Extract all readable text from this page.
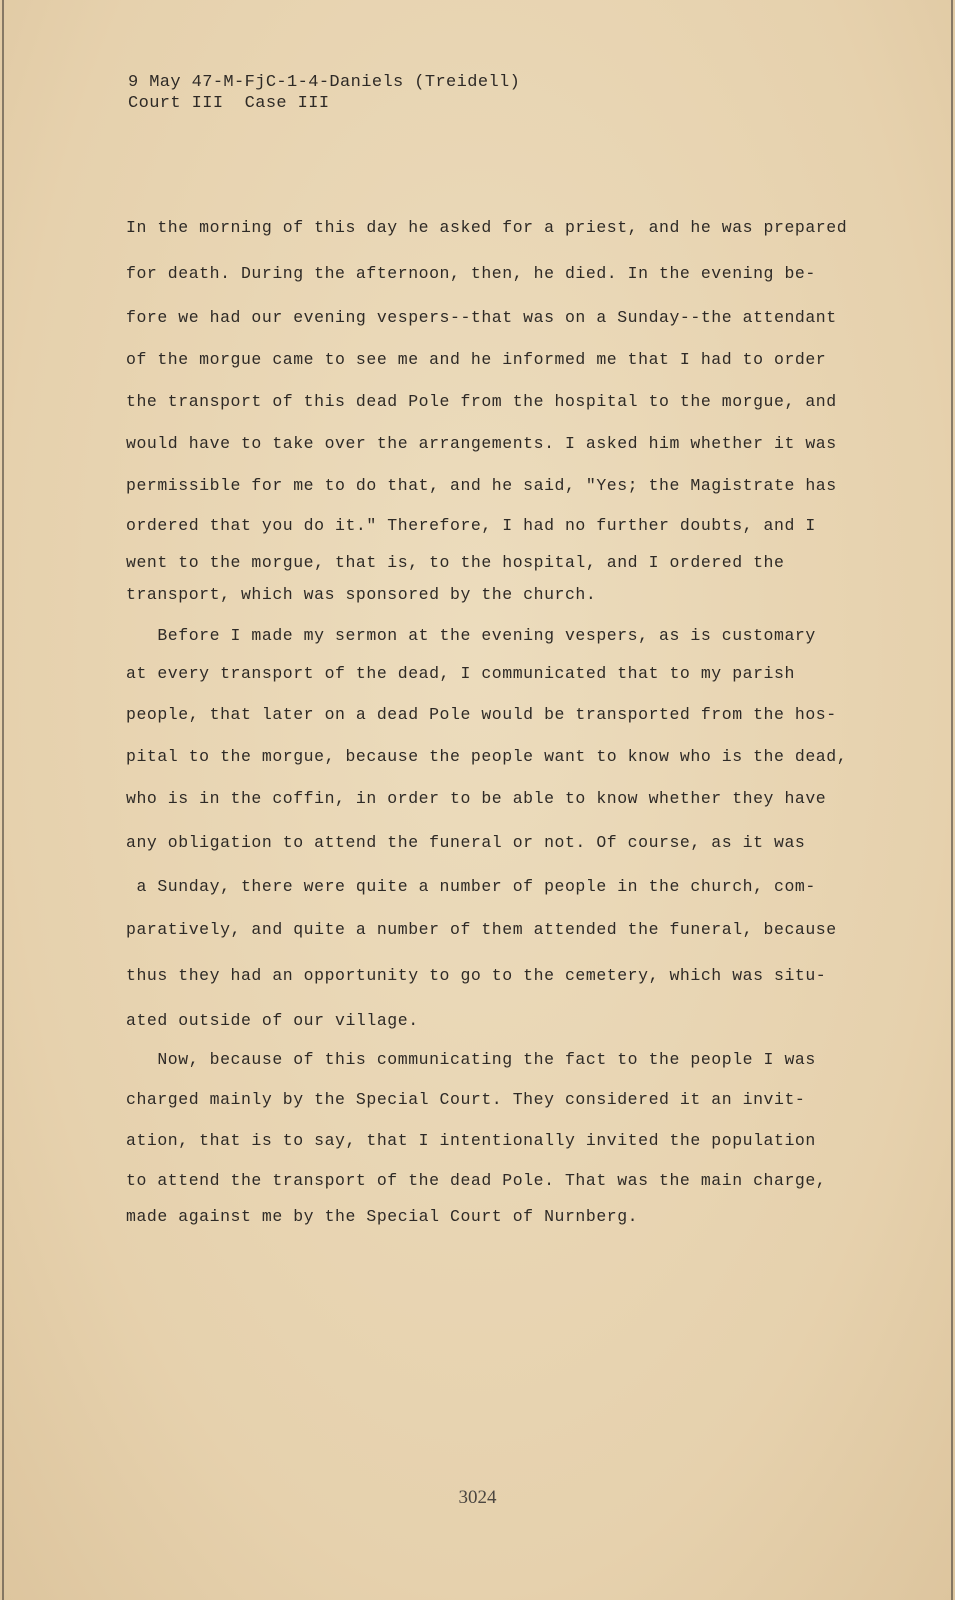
9 May 47-M-FjC-1-4-Daniels (Treidell)
Court III  Case III
In the morning of this day he asked for a priest, and he was prepared
for death. During the afternoon, then, he died. In the evening be-
fore we had our evening vespers--that was on a Sunday--the attendant
of the morgue came to see me and he informed me that I had to order
the transport of this dead Pole from the hospital to the morgue, and
would have to take over the arrangements. I asked him whether it was
permissible for me to do that, and he said, "Yes; the Magistrate has
ordered that you do it." Therefore, I had no further doubts, and I
went to the morgue, that is, to the hospital, and I ordered the
transport, which was sponsored by the church.
Before I made my sermon at the evening vespers, as is customary
at every transport of the dead, I communicated that to my parish
people, that later on a dead Pole would be transported from the hos-
pital to the morgue, because the people want to know who is the dead,
who is in the coffin, in order to be able to know whether they have
any obligation to attend the funeral or not. Of course, as it was
a Sunday, there were quite a number of people in the church, com-
paratively, and quite a number of them attended the funeral, because
thus they had an opportunity to go to the cemetery, which was situ-
ated outside of our village.
Now, because of this communicating the fact to the people I was
charged mainly by the Special Court. They considered it an invit-
ation, that is to say, that I intentionally invited the population
to attend the transport of the dead Pole. That was the main charge,
made against me by the Special Court of Nurnberg.
3024
